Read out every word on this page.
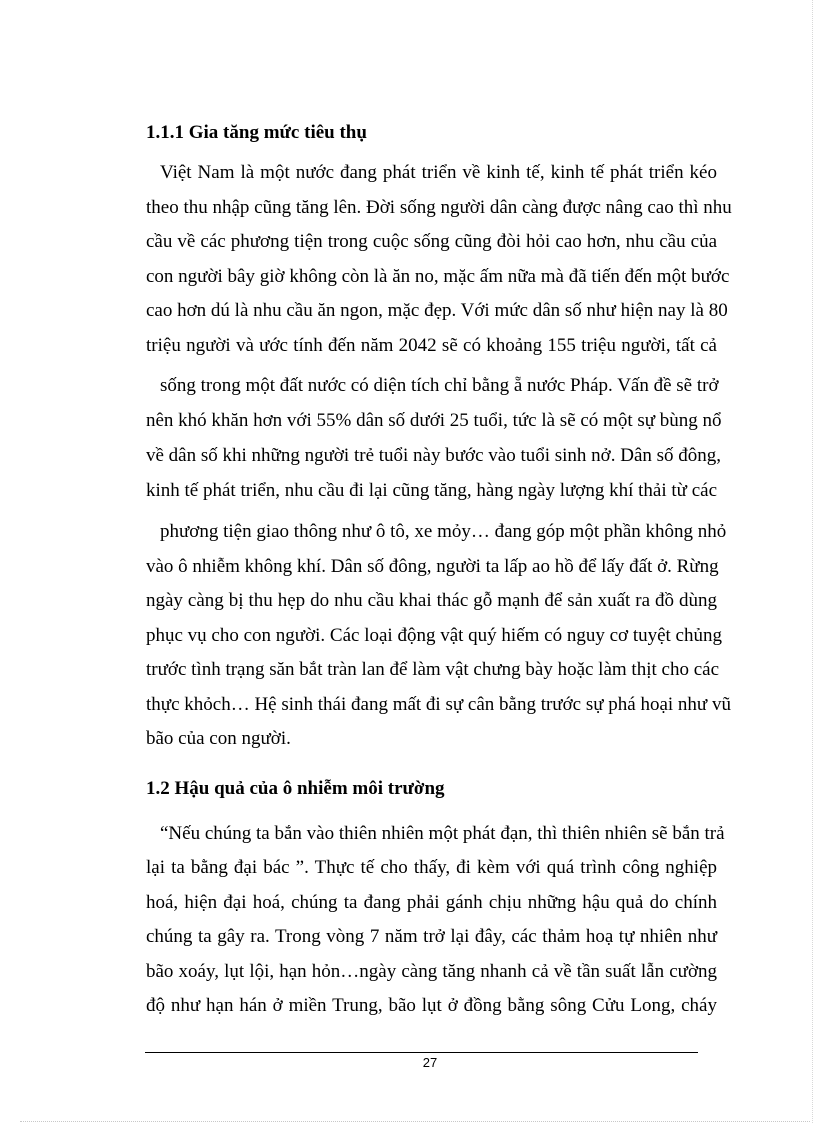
1.1.1 Gia tăng mức tiêu thụ
Việt Nam là một nước đang phát triển về kinh tế, kinh tế phát triển kéo
theo thu nhập cũng tăng lên. Đời sống người dân càng được nâng cao thì nhu
cầu về các phương tiện trong cuộc sống cũng đòi hỏi cao hơn, nhu cầu của
con người bây giờ không còn là ăn no, mặc ấm nữa mà đã tiến đến một bước
cao hơn dú là nhu cầu ăn ngon, mặc đẹp. Với mức dân số như hiện nay là 80
triệu người và ước tính đến năm 2042 sẽ có khoảng 155 triệu người, tất cả
sống trong một đất nước có diện tích chỉ bằng ẵ nước Pháp. Vấn đề sẽ trở
nên khó khăn hơn với 55% dân số dưới 25 tuổi, tức là sẽ có một sự bùng nổ
về dân số khi những người trẻ tuổi này bước vào tuổi sinh nở. Dân số đông,
kinh tế phát triển, nhu cầu đi lại cũng tăng, hàng ngày lượng khí thải từ các
phương tiện giao thông như ô tô, xe mỏy… đang góp một phần không nhỏ
vào ô nhiễm không khí. Dân số đông, người ta lấp ao hồ để lấy đất ở. Rừng
ngày càng bị thu hẹp do nhu cầu khai thác gỗ mạnh để sản xuất ra đồ dùng
phục vụ cho con người. Các loại động vật quý hiếm có nguy cơ tuyệt chủng
trước tình trạng săn bắt tràn lan để làm vật chưng bày hoặc làm thịt cho các
thực khỏch… Hệ sinh thái đang mất đi sự cân bằng trước sự phá hoại như vũ
bão của con người.
1.2 Hậu quả của ô nhiễm môi trường
“Nếu chúng ta bắn vào thiên nhiên một phát đạn, thì thiên nhiên sẽ bắn trả
lại ta bằng đại bác ”. Thực tế cho thấy, đi kèm với quá trình công nghiệp
hoá, hiện đại hoá, chúng ta đang phải gánh chịu những hậu quả do chính
chúng ta gây ra. Trong vòng 7 năm trở lại đây, các thảm hoạ tự nhiên như
bão xoáy, lụt lội, hạn hỏn…ngày càng tăng nhanh cả về tần suất lẫn cường
độ như hạn hán ở miền Trung, bão lụt ở đồng bằng sông Cửu Long, cháy
27
